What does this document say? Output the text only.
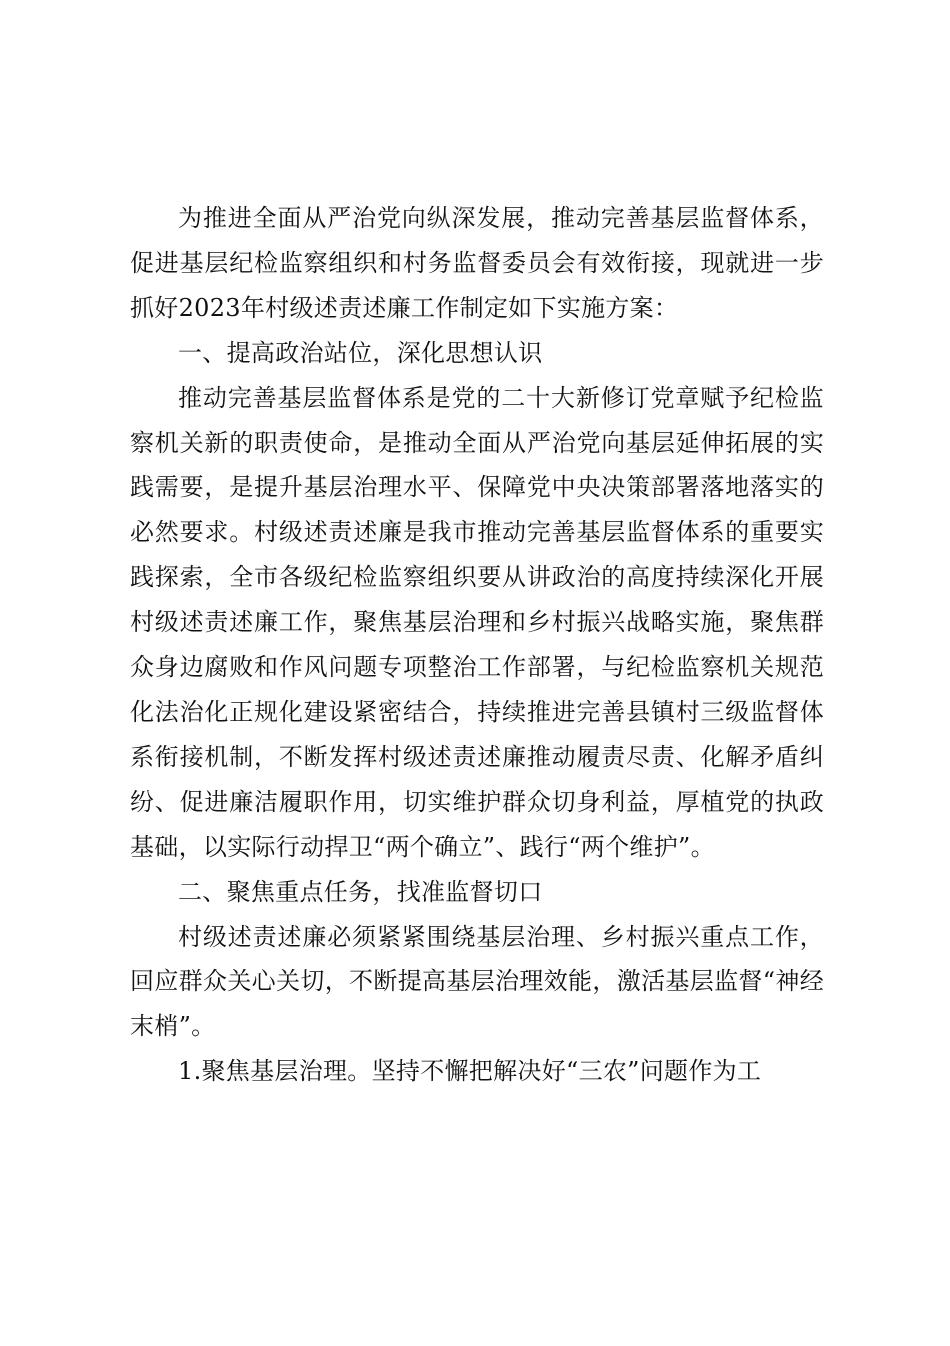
为推进全面从严治党向纵深发展，推动完善基层监督体系，促进基层纪检监察组织和村务监督委员会有效衔接，现就进一步抓好2023年村级述责述廉工作制定如下实施方案：

一、提高政治站位，深化思想认识

推动完善基层监督体系是党的二十大新修订党章赋予纪检监察机关新的职责使命，是推动全面从严治党向基层延伸拓展的实践需要，是提升基层治理水平、保障党中央决策部署落地落实的必然要求。村级述责述廉是我市推动完善基层监督体系的重要实践探索，全市各级纪检监察组织要从讲政治的高度持续深化开展村级述责述廉工作，聚焦基层治理和乡村振兴战略实施，聚焦群众身边腐败和作风问题专项整治工作部署，与纪检监察机关规范化法治化正规化建设紧密结合，持续推进完善县镇村三级监督体系衔接机制，不断发挥村级述责述廉推动履责尽责、化解矛盾纠纷、促进廉洁履职作用，切实维护群众切身利益，厚植党的执政基础，以实际行动捍卫“两个确立”、践行“两个维护”。

二、聚焦重点任务，找准监督切口

村级述责述廉必须紧紧围绕基层治理、乡村振兴重点工作，回应群众关心关切，不断提高基层治理效能，激活基层监督“神经末梢”。

1.聚焦基层治理。坚持不懈把解决好“三农”问题作为工
